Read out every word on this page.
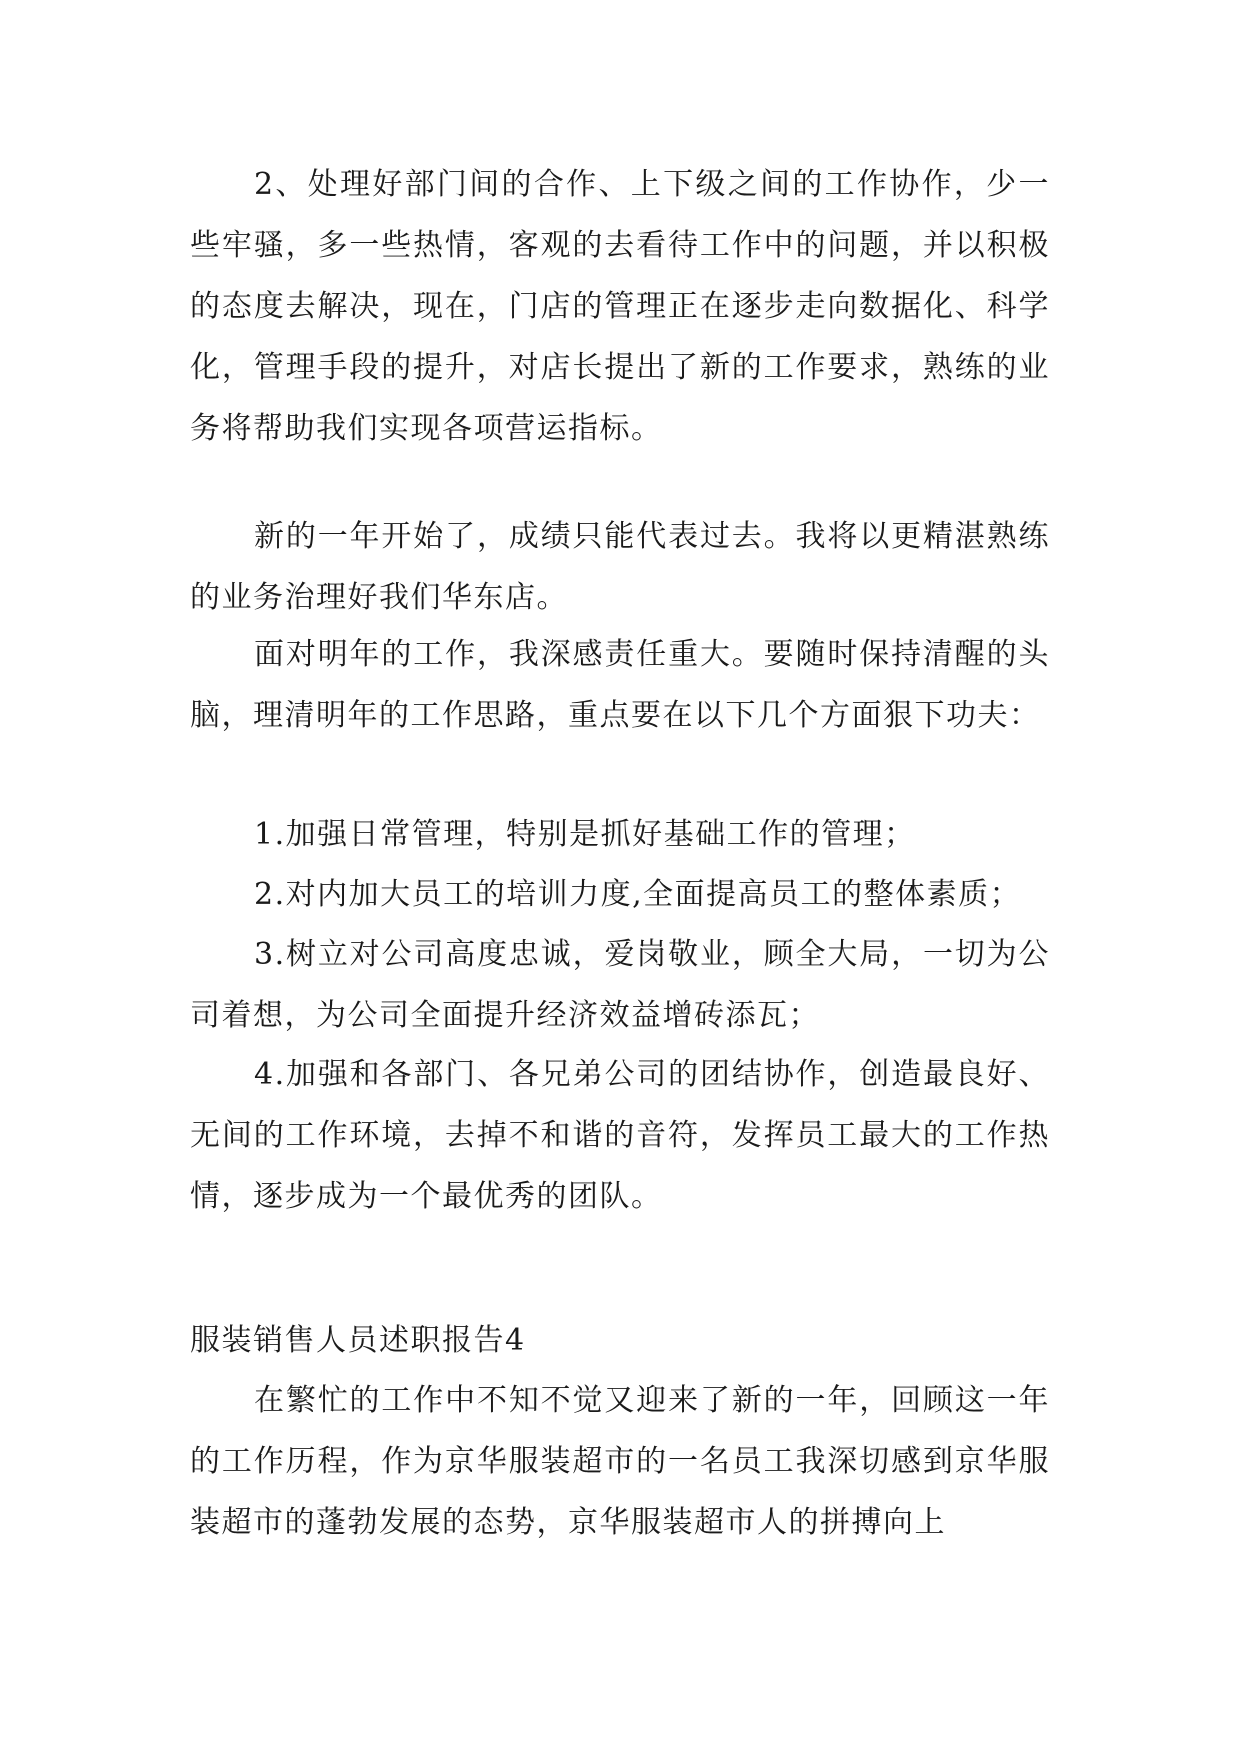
2、处理好部门间的合作、上下级之间的工作协作，少一些牢骚，多一些热情，客观的去看待工作中的问题，并以积极的态度去解决，现在，门店的管理正在逐步走向数据化、科学化，管理手段的提升，对店长提出了新的工作要求，熟练的业务将帮助我们实现各项营运指标。

新的一年开始了，成绩只能代表过去。我将以更精湛熟练的业务治理好我们华东店。

面对明年的工作，我深感责任重大。要随时保持清醒的头脑，理清明年的工作思路，重点要在以下几个方面狠下功夫：

1.加强日常管理，特别是抓好基础工作的管理；

2.对内加大员工的培训力度,全面提高员工的整体素质；

3.树立对公司高度忠诚，爱岗敬业，顾全大局，一切为公司着想，为公司全面提升经济效益增砖添瓦；

4.加强和各部门、各兄弟公司的团结协作，创造最良好、无间的工作环境，去掉不和谐的音符，发挥员工最大的工作热情，逐步成为一个最优秀的团队。

服装销售人员述职报告4

在繁忙的工作中不知不觉又迎来了新的一年，回顾这一年的工作历程，作为京华服装超市的一名员工我深切感到京华服装超市的蓬勃发展的态势，京华服装超市人的拼搏向上
